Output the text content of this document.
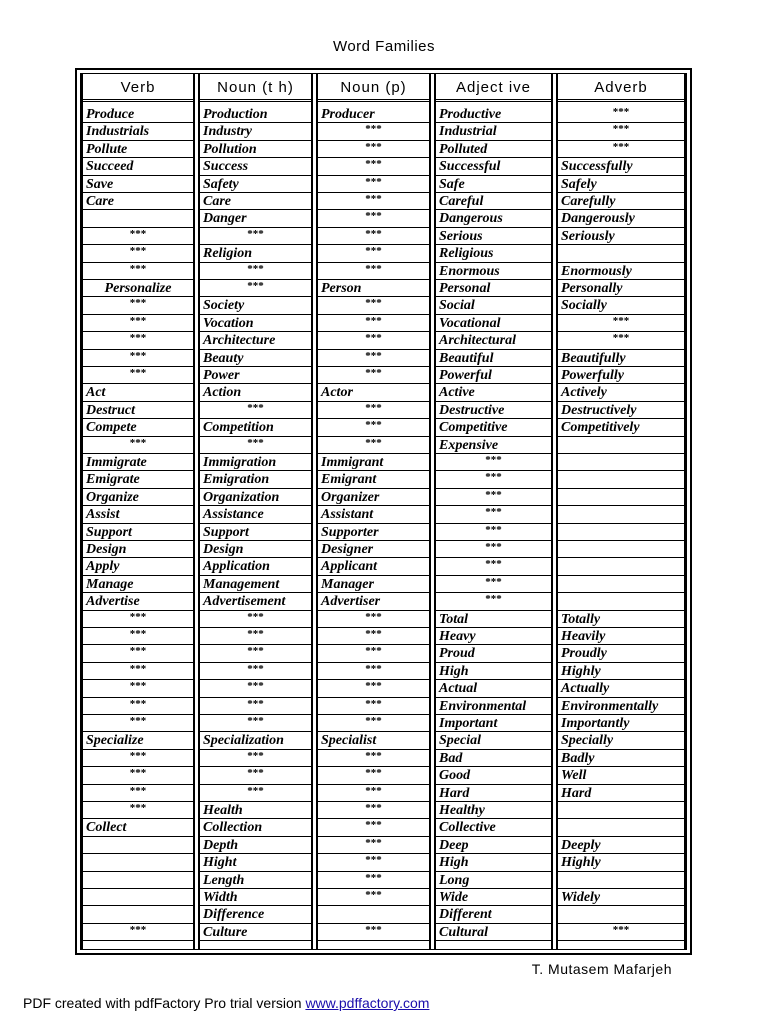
Word Families
Verb
Produce
Industrials
Pollute
Succeed
Save
Care
***
***
***
Personalize
***
***
***
***
***
Act
Destruct
Compete
***
Immigrate
Emigrate
Organize
Assist
Support
Design
Apply
Manage
Advertise
***
***
***
***
***
***
***
Specialize
***
***
***
***
Collect
***
Noun (t h)
Production
Industry
Pollution
Success
Safety
Care
Danger
***
Religion
***
***
Society
Vocation
Architecture
Beauty
Power
Action
***
Competition
***
Immigration
Emigration
Organization
Assistance
Support
Design
Application
Management
Advertisement
***
***
***
***
***
***
***
Specialization
***
***
***
Health
Collection
Depth
Hight
Length
Width
Difference
Culture
Noun (p)
Producer
***
***
***
***
***
***
***
***
***
Person
***
***
***
***
***
Actor
***
***
***
Immigrant
Emigrant
Organizer
Assistant
Supporter
Designer
Applicant
Manager
Advertiser
***
***
***
***
***
***
***
Specialist
***
***
***
***
***
***
***
***
***
***
Adject ive
Productive
Industrial
Polluted
Successful
Safe
Careful
Dangerous
Serious
Religious
Enormous
Personal
Social
Vocational
Architectural
Beautiful
Powerful
Active
Destructive
Competitive
Expensive
***
***
***
***
***
***
***
***
***
Total
Heavy
Proud
High
Actual
Environmental
Important
Special
Bad
Good
Hard
Healthy
Collective
Deep
High
Long
Wide
Different
Cultural
Adverb
***
***
***
Successfully
Safely
Carefully
Dangerously
Seriously
Enormously
Personally
Socially
***
***
Beautifully
Powerfully
Actively
Destructively
Competitively
Totally
Heavily
Proudly
Highly
Actually
Environmentally
Importantly
Specially
Badly
Well
Hard
Deeply
Highly
Widely
***
T. Mutasem Mafarjeh
PDF created with pdfFactory Pro trial version www.pdffactory.com
